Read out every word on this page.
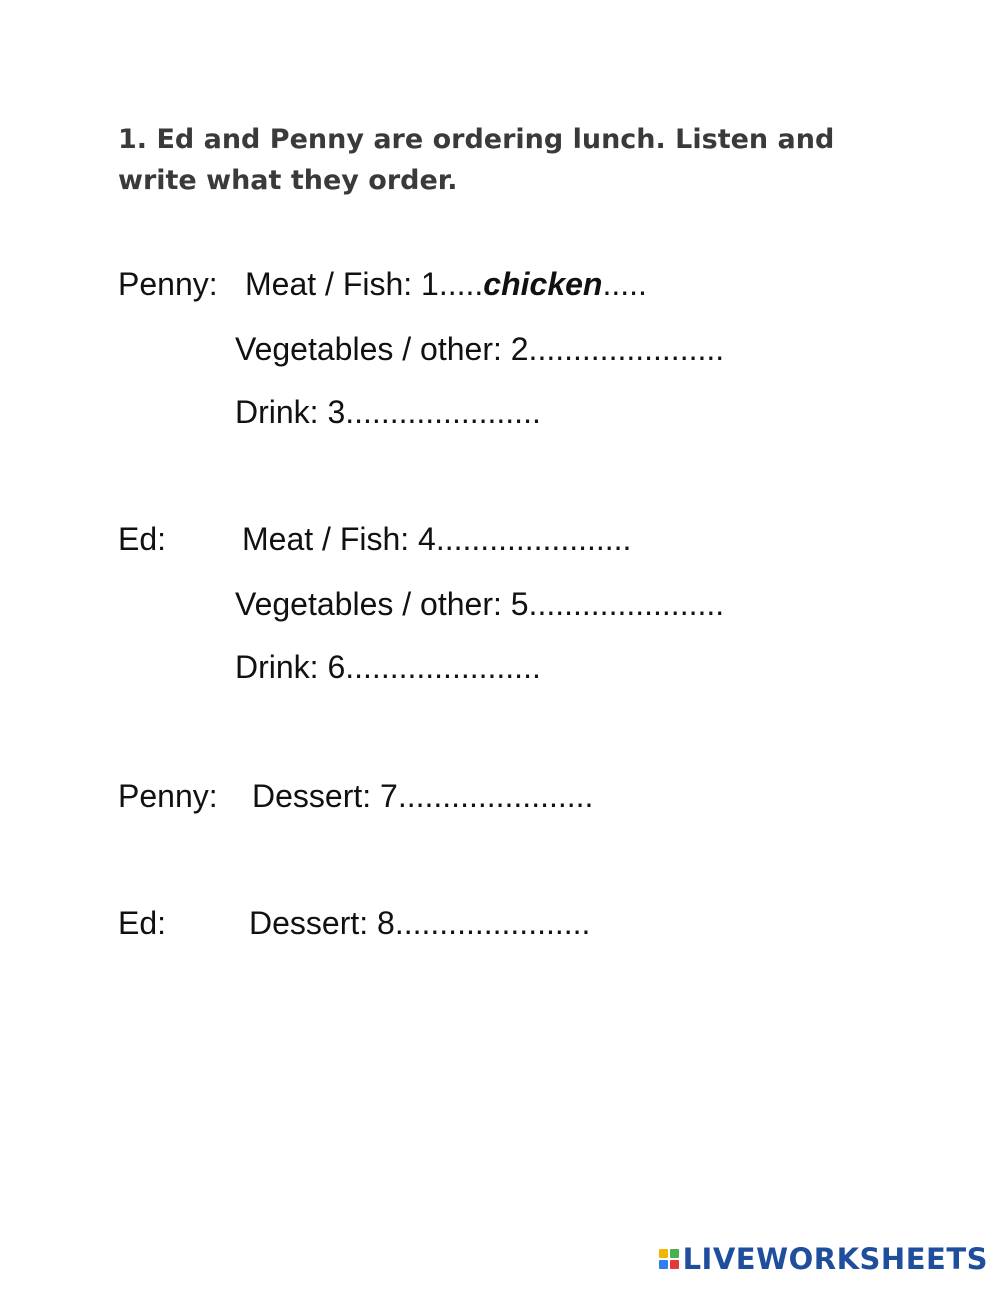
1. Ed and Penny are ordering lunch. Listen and write what they order.

Penny: Meat / Fish: 1.....chicken.....
Vegetables / other: 2......................
Drink: 3......................
Ed: Meat / Fish: 4......................
Vegetables / other: 5......................
Drink: 6......................
Penny: Dessert: 7......................
Ed:	Dessert: 8......................
LIVEWORKSHEETS
